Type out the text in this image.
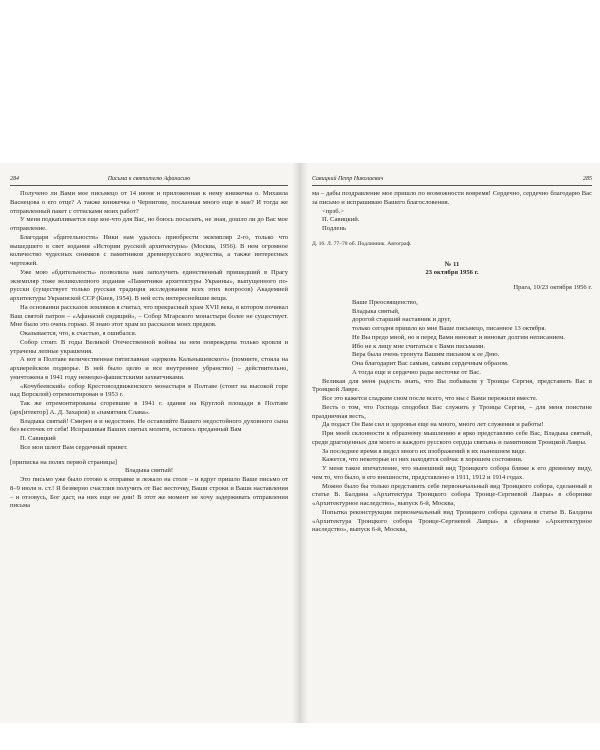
284	Письма к святителю Афанасию

Получено ли Вами мое письмецо от 14 июня и приложенная к нему книжечка о. Михаила Васнецова о его отце? А также книжечка о Чернигове, посланная много еще в мае? И тогда же отправленный пакет с оттисками моих работ?

У меня подкапливается еще кое-что для Вас, но боюсь посылать, не зная, дошло ли до Вас мое отправление.

Благодаря «бдительности» Ники нам удалось приобрести экземпляр 2-го, только что вышедшего в свет издания «Истории русской архитектуры» (Москва, 1956). В нем огромное количество чудесных снимков с памятников древнерусского зодчества, а также интересных чертежей.

Уже мою «бдительность» позволила нам заполучить единственный пришедший в Прагу экземпляр тоже великолепного издания «Памятники архитектуры Украины», выпущенного по-русски (существует только русская традиция исследования всех этих вопросов) Академией архитектуры Украинской ССР (Киев, 1954). В ней есть интереснейшие вещи.

На основании рассказов земляков я считал, что прекрасный храм XVII века, в котором почивал Ваш святой патрон – «Афанасий сидящий», – Собор Мгарского монастыря более не существует. Мне было это очень горько. Я знаю этот храм из рассказов моих предков.

Оказывается, что, к счастью, я ошибался.

Собор стоит. В годы Великой Отечественной войны на нем повреждена только кровля и утрачены лепные украшения.

А вот в Полтаве величественная пятиглавная «церковь Кальнышевского» (помните, стояла на архиерейском подворье. В ней было целю и все внутреннее убранство) – действительно, уничтожена в 1941 году немецко-фашистскими захватчиками.

«Кочубеевский» собор Крестовоздвиженского монастыря в Полтаве (стоит на высокой горе над Ворсклой) отремонтирован в 1953 г.

Так же отремонтированы сгоревшие в 1941 г. здания на Круглой площади в Полтаве (арх[итектор] А. Д. Захаров) и «памятник Слава».

Владыка святый! Смирен я и недостоин. Не оставляйте Вашего недостойного духовного сына без весточек от себя! Испрашивая Ваших святых молитв, остаюсь преданный Вам

П. Савицкий

Все мои шлют Вам сердечный привет.

[приписка на полях первой страницы]

Владыка святый!

Это письмо уже было готово к отправке и лежало на столе – и вдруг пришло Ваше письмо от 8–9 июля н. ст.! Я безмерно счастлив получить от Вас весточку, Ваши строки и Ваши наставления – и отзовусь, Бог даст, на них еще не дни! В этот же момент не хочу задерживать отправления письма

Савицкий Петр Николаевич	285

ма – дабы поздравление мое пришло по возможности вовремя! Сердечно, сердечно благодарю Вас за письмо и испрашиваю Вашего благословения.

<прзб.>

П. Савицкий.

Подлень

Д. 16. Л. 77–78 об. Подлинник. Автограф.

№ 11

23 октября 1956 г.

Прага, 10/23 октября 1956 г.

Ваше Преосвященство,

Владыка святый,

дорогой старший наставник и друг,

только сегодня пришло ко мне Ваше письмецо, писанное 13 октября.

Не Вы предо мной, но я перед Вами виноват и виноват долгим неписанием.

Ибо не к лицу мне считаться с Вами письмами.

Вера была очень тронута Вашим письмом к ее Дню.

Она благодарит Вас самым, самым сердечным образом.

А тогда еще и сердечно рады весточке от Вас.

Великая для меня радость знать, что Вы побывали у Троицы Сергия, представить Вас в Троицкой Лавре.

Все это кажется сладким сном после всего, что мы с Вами пережили вместе.

Весть о том, что Господь сподобил Вас служить у Троицы Сергия, – для меня поистине праздничная весть,

Да подаст Он Вам сил и здоровья еще на много, много лет служения и работы!

При моей склонности к образному мышлению я ярко представляю себе Вас, Владыка святый, среди драгоценных для моего и каждого русского сердца святынь и памятников Троицкой Лавры.

За последнее время я видел много их изображений в их нынешнем виде.

Кажется, что некоторые из них находятся сейчас в хорошем состоянии.

У меня такое впечатление, что нынешний вид Троицкого собора ближе к его древнему виду, чем то, что было, в его внешности, представлено в 1911, 1912 и 1914 годах.

Можно было бы только представить себе первоначальный вид Троицкого собора, сделанный в статье В. Балдина «Архитектура Троицкого собора Троице-Сергиевой Лавры» в сборнике «Архитектурное наследство», выпуск 6-й, Москва,

Попытка реконструкции первоначальный вид Троицкого собора сделана в статье В. Балдина «Архитектура Троицкого собора Троице-Сергиевой Лавры» в сборнике «Архитектурное наследство», выпуск 6-й, Москва,
